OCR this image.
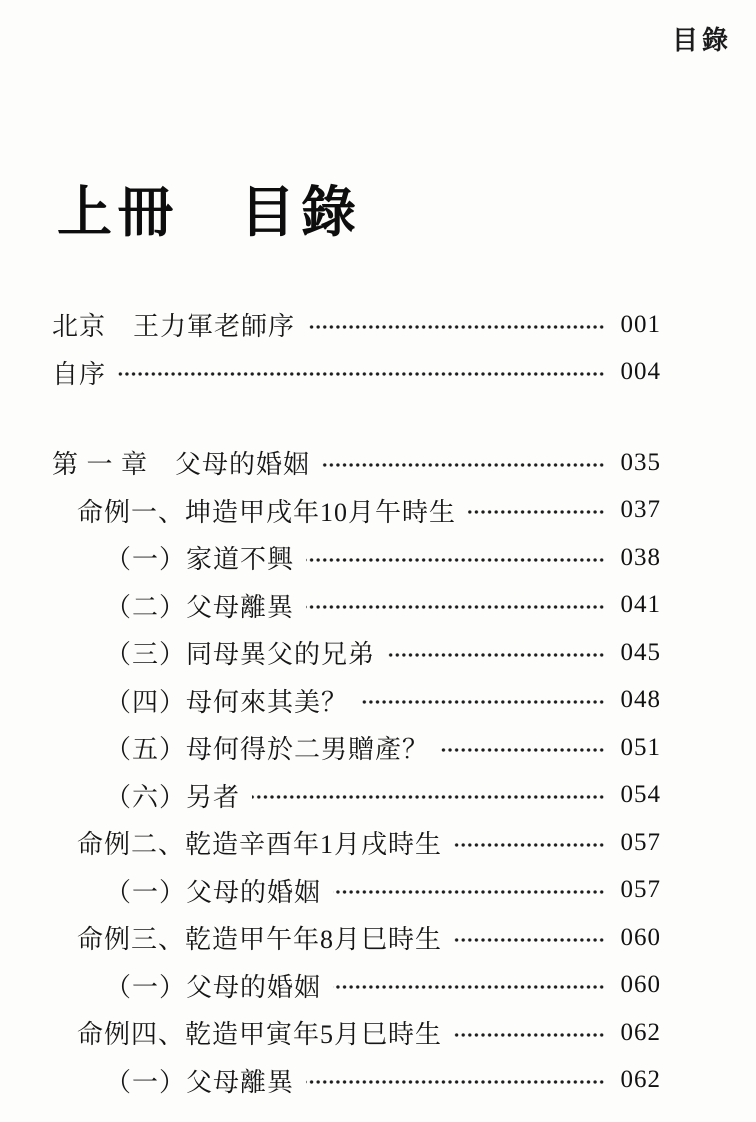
目錄
上冊　目錄
北京　王力軍老師序	001
自序	004
第 一 章　父母的婚姻	035
命例一、坤造甲戌年10月午時生	037
（一）家道不興	038
（二）父母離異	041
（三）同母異父的兄弟	045
（四）母何來其美？	048
（五）母何得於二男贈產？	051
（六）另者	054
命例二、乾造辛酉年1月戌時生	057
（一）父母的婚姻	057
命例三、乾造甲午年8月巳時生	060
（一）父母的婚姻	060
命例四、乾造甲寅年5月巳時生	062
（一）父母離異	062
